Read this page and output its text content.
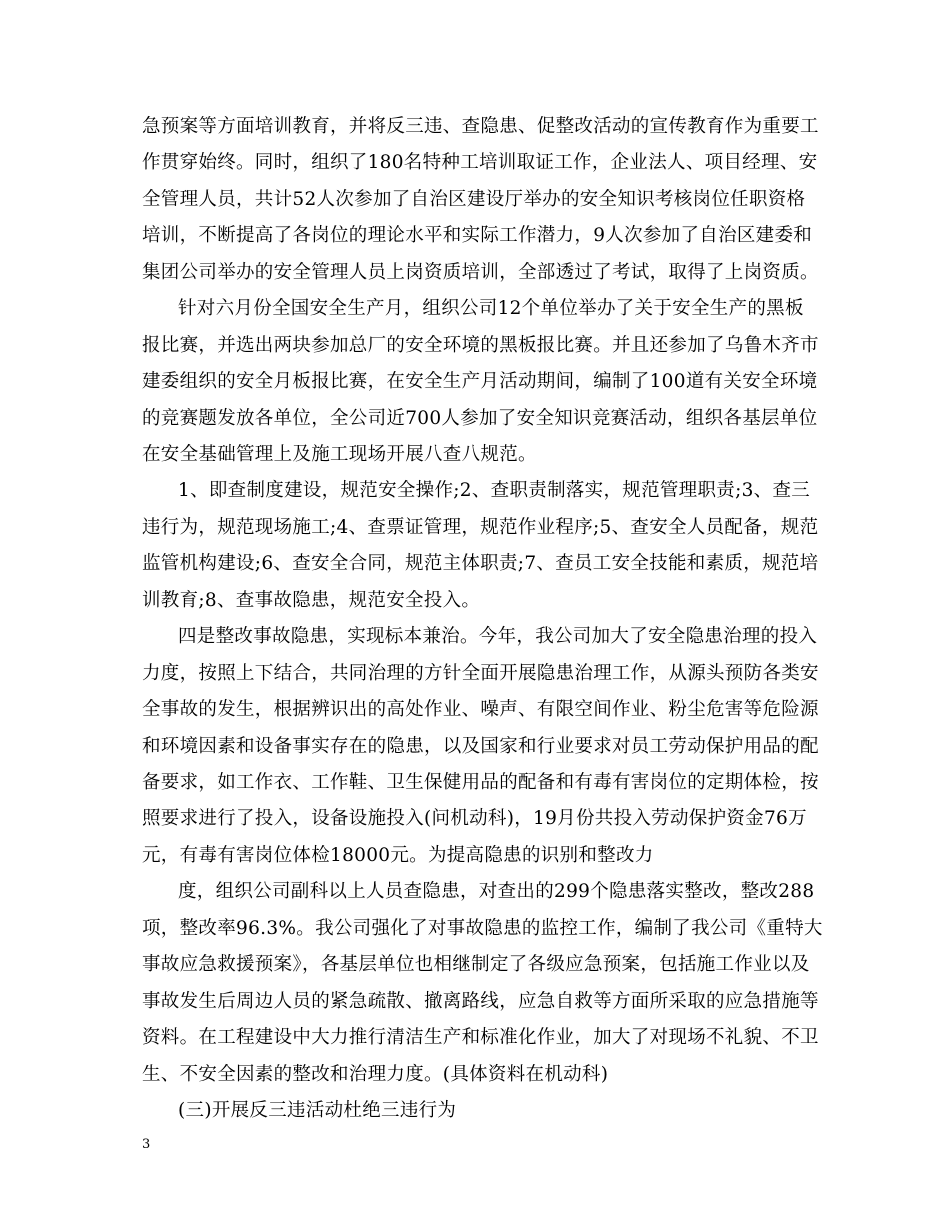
急预案等方面培训教育，并将反三违、查隐患、促整改活动的宣传教育作为重要工
作贯穿始终。同时，组织了180名特种工培训取证工作，企业法人、项目经理、安
全管理人员，共计52人次参加了自治区建设厅举办的安全知识考核岗位任职资格
培训，不断提高了各岗位的理论水平和实际工作潜力，9人次参加了自治区建委和
集团公司举办的安全管理人员上岗资质培训，全部透过了考试，取得了上岗资质。
针对六月份全国安全生产月，组织公司12个单位举办了关于安全生产的黑板
报比赛，并选出两块参加总厂的安全环境的黑板报比赛。并且还参加了乌鲁木齐市
建委组织的安全月板报比赛，在安全生产月活动期间，编制了100道有关安全环境
的竞赛题发放各单位，全公司近700人参加了安全知识竞赛活动，组织各基层单位
在安全基础管理上及施工现场开展八查八规范。
1、即查制度建设，规范安全操作;2、查职责制落实，规范管理职责;3、查三
违行为，规范现场施工;4、查票证管理，规范作业程序;5、查安全人员配备，规范
监管机构建设;6、查安全合同，规范主体职责;7、查员工安全技能和素质，规范培
训教育;8、查事故隐患，规范安全投入。
四是整改事故隐患，实现标本兼治。今年，我公司加大了安全隐患治理的投入
力度，按照上下结合，共同治理的方针全面开展隐患治理工作，从源头预防各类安
全事故的发生，根据辨识出的高处作业、噪声、有限空间作业、粉尘危害等危险源
和环境因素和设备事实存在的隐患，以及国家和行业要求对员工劳动保护用品的配
备要求，如工作衣、工作鞋、卫生保健用品的配备和有毒有害岗位的定期体检，按
照要求进行了投入，设备设施投入(问机动科)，19月份共投入劳动保护资金76万
元，有毒有害岗位体检18000元。为提高隐患的识别和整改力
度，组织公司副科以上人员查隐患，对查出的299个隐患落实整改，整改288
项，整改率96.3%。我公司强化了对事故隐患的监控工作，编制了我公司《重特大
事故应急救援预案》，各基层单位也相继制定了各级应急预案，包括施工作业以及
事故发生后周边人员的紧急疏散、撤离路线，应急自救等方面所采取的应急措施等
资料。在工程建设中大力推行清洁生产和标准化作业，加大了对现场不礼貌、不卫
生、不安全因素的整改和治理力度。(具体资料在机动科)
(三)开展反三违活动杜绝三违行为
3
